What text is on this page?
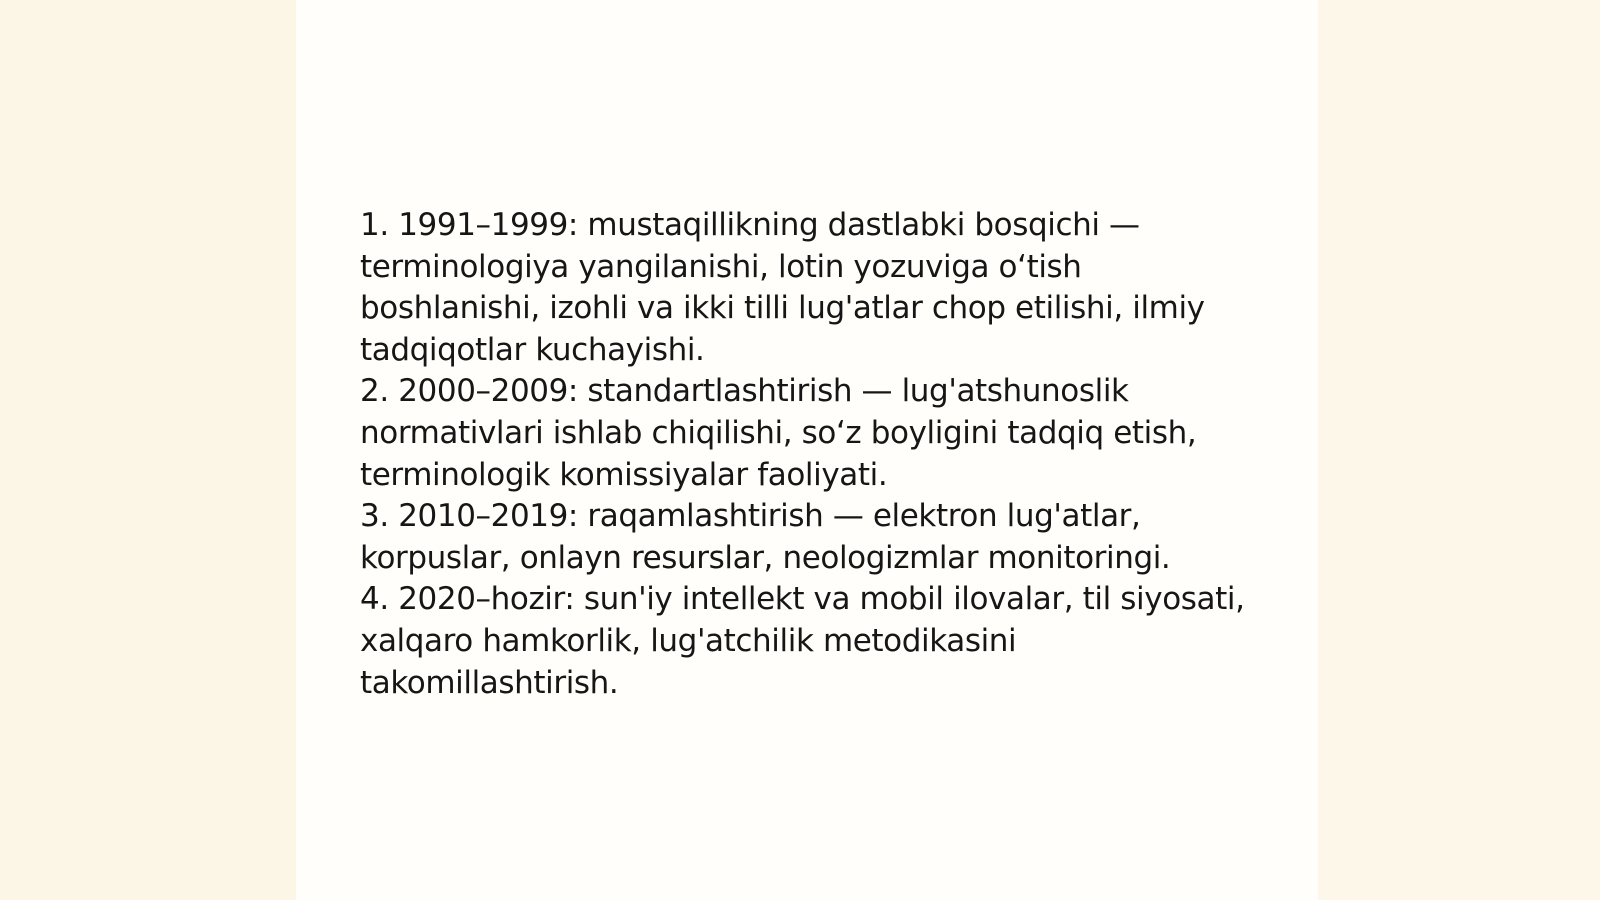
1. 1991–1999: mustaqillikning dastlabki bosqichi — terminologiya yangilanishi, lotin yozuviga oʻtish boshlanishi, izohli va ikki tilli lug'atlar chop etilishi, ilmiy tadqiqotlar kuchayishi.
2. 2000–2009: standartlashtirish — lug'atshunoslik normativlari ishlab chiqilishi, soʻz boyligini tadqiq etish, terminologik komissiyalar faoliyati.
3. 2010–2019: raqamlashtirish — elektron lug'atlar, korpuslar, onlayn resurslar, neologizmlar monitoringi.
4. 2020–hozir: sun'iy intellekt va mobil ilovalar, til siyosati, xalqaro hamkorlik, lug'atchilik metodikasini takomillashtirish.
